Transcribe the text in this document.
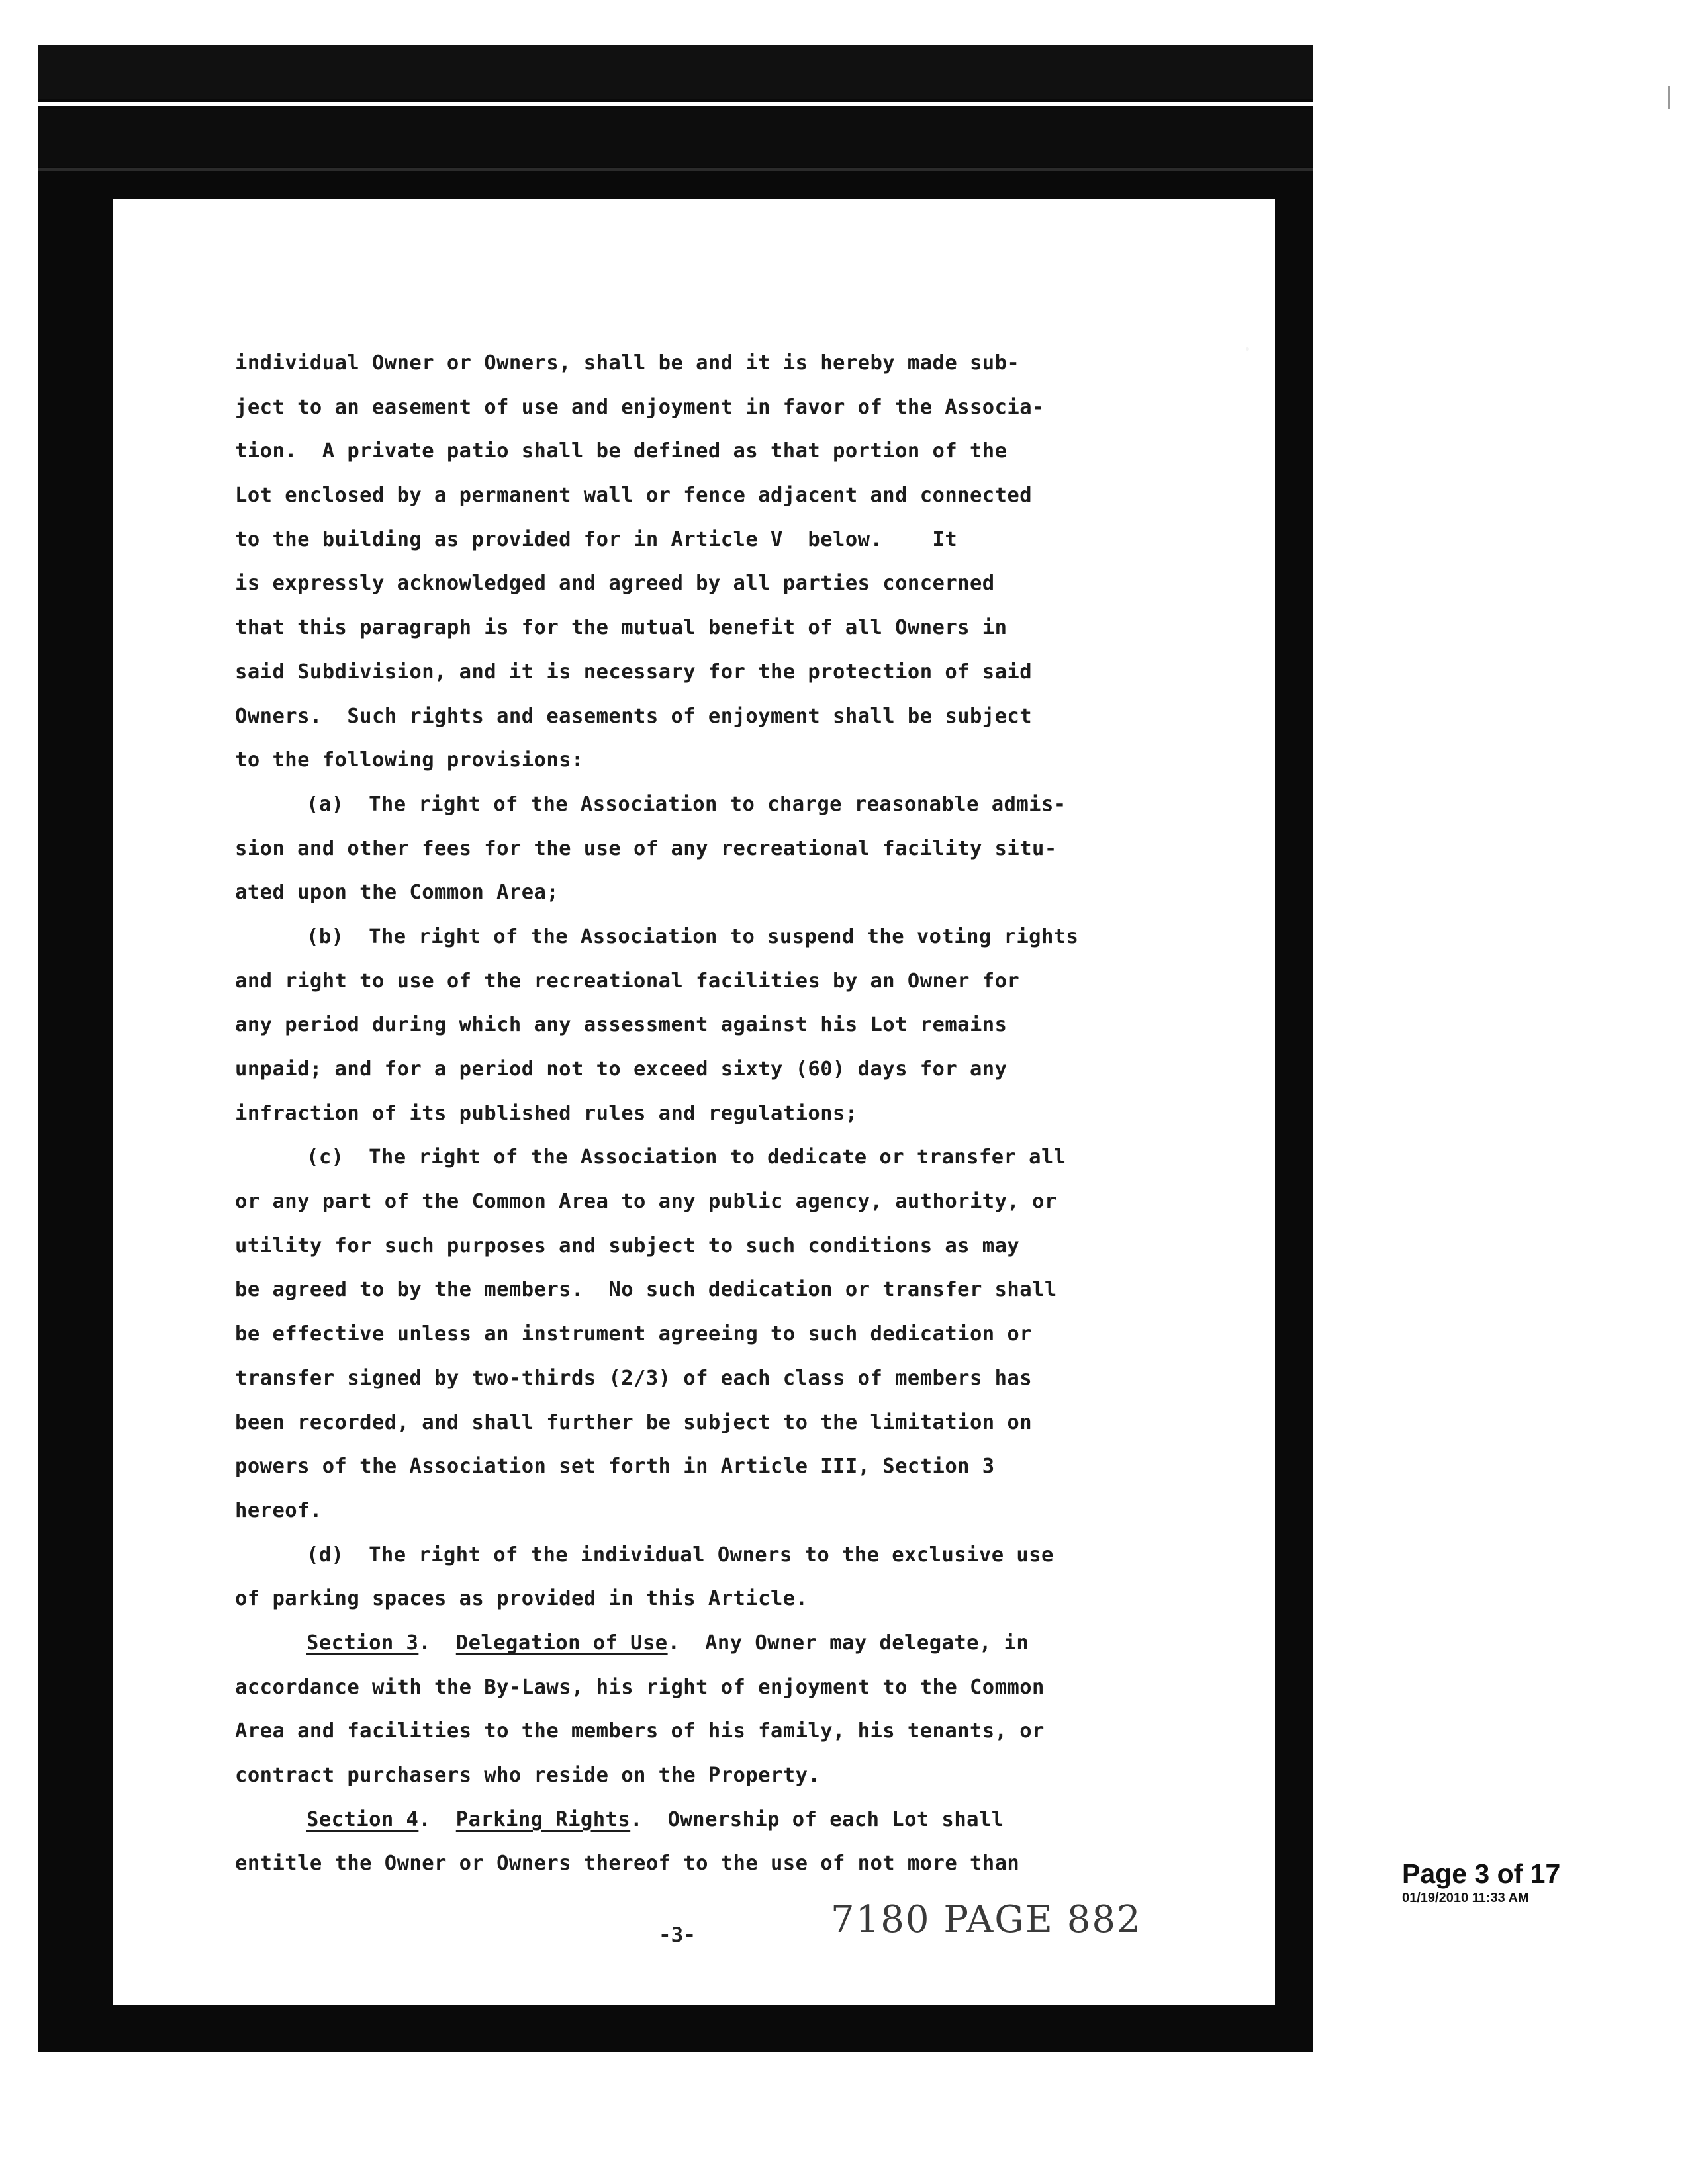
individual Owner or Owners, shall be and it is hereby made sub-
ject to an easement of use and enjoyment in favor of the Associa-
tion.  A private patio shall be defined as that portion of the
Lot enclosed by a permanent wall or fence adjacent and connected
to the building as provided for in Article V  below.    It
is expressly acknowledged and agreed by all parties concerned
that this paragraph is for the mutual benefit of all Owners in
said Subdivision, and it is necessary for the protection of said
Owners.  Such rights and easements of enjoyment shall be subject
to the following provisions:
(a)  The right of the Association to charge reasonable admis-
sion and other fees for the use of any recreational facility situ-
ated upon the Common Area;
(b)  The right of the Association to suspend the voting rights
and right to use of the recreational facilities by an Owner for
any period during which any assessment against his Lot remains
unpaid; and for a period not to exceed sixty (60) days for any
infraction of its published rules and regulations;
(c)  The right of the Association to dedicate or transfer all
or any part of the Common Area to any public agency, authority, or
utility for such purposes and subject to such conditions as may
be agreed to by the members.  No such dedication or transfer shall
be effective unless an instrument agreeing to such dedication or
transfer signed by two-thirds (2/3) of each class of members has
been recorded, and shall further be subject to the limitation on
powers of the Association set forth in Article III, Section 3
hereof.
(d)  The right of the individual Owners to the exclusive use
of parking spaces as provided in this Article.
Section 3.  Delegation of Use.  Any Owner may delegate, in
accordance with the By-Laws, his right of enjoyment to the Common
Area and facilities to the members of his family, his tenants, or
contract purchasers who reside on the Property.
Section 4.  Parking Rights.  Ownership of each Lot shall
entitle the Owner or Owners thereof to the use of not more than
-3-	7180 PAGE 882
Page 3 of 17
01/19/2010 11:33 AM
